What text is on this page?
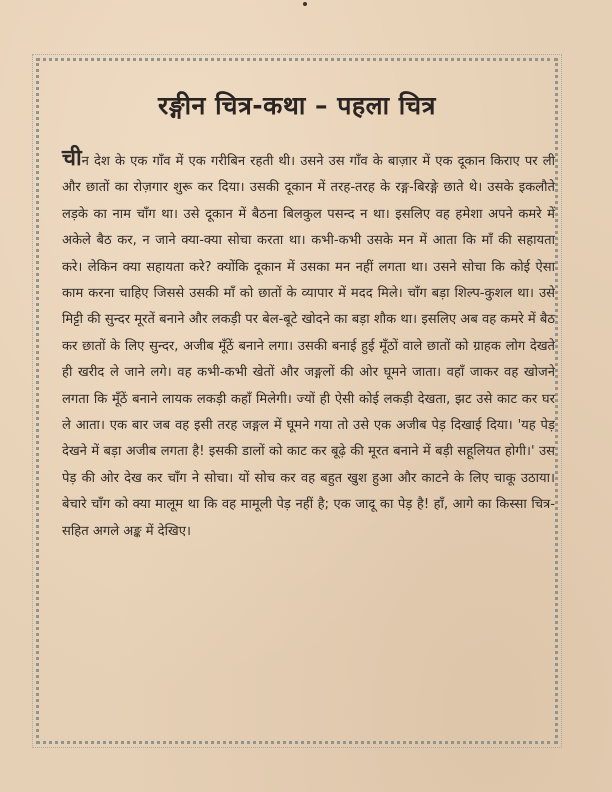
रङ्गीन चित्र-कथा – पहला चित्र
चीन देश के एक गाँव में एक गरीबिन रहती थी। उसने उस गाँव के बाज़ार में एक दूकान किराए पर ली और छातों का रोज़गार शुरू कर दिया। उसकी दूकान में तरह-तरह के रङ्ग-बिरङ्गे छाते थे। उसके इकलौते लड़के का नाम चाँग था। उसे दूकान में बैठना बिलकुल पसन्द न था। इसलिए वह हमेशा अपने कमरे में अकेले बैठ कर, न जाने क्या-क्या सोचा करता था। कभी-कभी उसके मन में आता कि माँ की सहायता करे। लेकिन क्या सहायता करे? क्योंकि दूकान में उसका मन नहीं लगता था। उसने सोचा कि कोई ऐसा काम करना चाहिए जिससे उसकी माँ को छातों के व्यापार में मदद मिले। चाँग बड़ा शिल्प-कुशल था। उसे मिट्टी की सुन्दर मूरतें बनाने और लकड़ी पर बेल-बूटे खोदने का बड़ा शौक था। इसलिए अब वह कमरे में बैठ कर छातों के लिए सुन्दर, अजीब मूँठें बनाने लगा। उसकी बनाई हुई मूँठों वाले छातों को ग्राहक लोग देखते ही खरीद ले जाने लगे। वह कभी-कभी खेतों और जङ्गलों की ओर घूमने जाता। वहाँ जाकर वह खोजने लगता कि मूँठें बनाने लायक लकड़ी कहाँ मिलेगी। ज्यों ही ऐसी कोई लकड़ी देखता, झट उसे काट कर घर ले आता। एक बार जब वह इसी तरह जङ्गल में घूमने गया तो उसे एक अजीब पेड़ दिखाई दिया। 'यह पेड़ देखने में बड़ा अजीब लगता है! इसकी डालों को काट कर बूढ़े की मूरत बनाने में बड़ी सहूलियत होगी।' उस पेड़ की ओर देख कर चाँग ने सोचा। यों सोच कर वह बहुत खुश हुआ और काटने के लिए चाकू उठाया। बेचारे चाँग को क्या मालूम था कि वह मामूली पेड़ नहीं है; एक जादू का पेड़ है! हाँ, आगे का किस्सा चित्र-सहित अगले अङ्क में देखिए।
